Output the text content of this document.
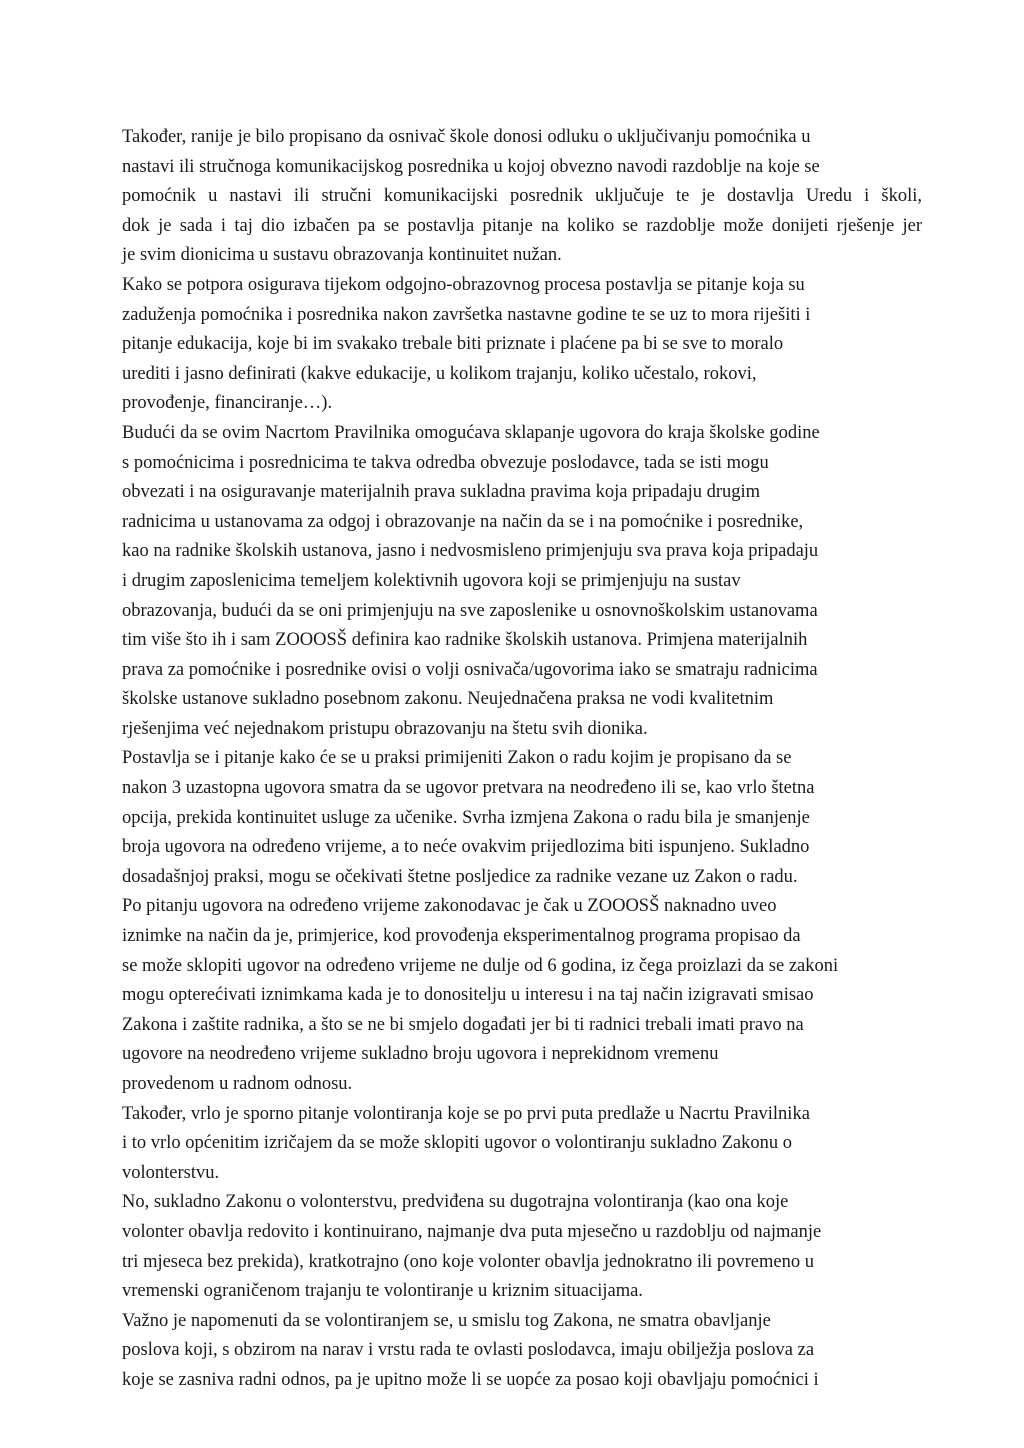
Također, ranije je bilo propisano da osnivač škole donosi odluku o uključivanju pomoćnika u
nastavi ili stručnoga komunikacijskog posrednika u kojoj obvezno navodi razdoblje na koje se
pomoćnik u nastavi ili stručni komunikacijski posrednik uključuje te je dostavlja Uredu i školi,
dok je sada i taj dio izbačen pa se postavlja pitanje na koliko se razdoblje može donijeti rješenje jer
je svim dionicima u sustavu obrazovanja kontinuitet nužan.
Kako se potpora osigurava tijekom odgojno-obrazovnog procesa postavlja se pitanje koja su
zaduženja pomoćnika i posrednika nakon završetka nastavne godine te se uz to mora riješiti i
pitanje edukacija, koje bi im svakako trebale biti priznate i plaćene pa bi se sve to moralo
urediti i jasno definirati (kakve edukacije, u kolikom trajanju, koliko učestalo, rokovi,
provođenje, financiranje…).
Budući da se ovim Nacrtom Pravilnika omogućava sklapanje ugovora do kraja školske godine
s pomoćnicima i posrednicima te takva odredba obvezuje poslodavce, tada se isti mogu
obvezati i na osiguravanje materijalnih prava sukladna pravima koja pripadaju drugim
radnicima u ustanovama za odgoj i obrazovanje na način da se i na pomoćnike i posrednike,
kao na radnike školskih ustanova, jasno i nedvosmisleno primjenjuju sva prava koja pripadaju
i drugim zaposlenicima temeljem kolektivnih ugovora koji se primjenjuju na sustav
obrazovanja, budući da se oni primjenjuju na sve zaposlenike u osnovnoškolskim ustanovama
tim više što ih i sam ZOOOSŠ definira kao radnike školskih ustanova. Primjena materijalnih
prava za pomoćnike i posrednike ovisi o volji osnivača/ugovorima iako se smatraju radnicima
školske ustanove sukladno posebnom zakonu. Neujednačena praksa ne vodi kvalitetnim
rješenjima već nejednakom pristupu obrazovanju na štetu svih dionika.
Postavlja se i pitanje kako će se u praksi primijeniti Zakon o radu kojim je propisano da se
nakon 3 uzastopna ugovora smatra da se ugovor pretvara na neodređeno ili se, kao vrlo štetna
opcija, prekida kontinuitet usluge za učenike. Svrha izmjena Zakona o radu bila je smanjenje
broja ugovora na određeno vrijeme, a to neće ovakvim prijedlozima biti ispunjeno. Sukladno
dosadašnjoj praksi, mogu se očekivati štetne posljedice za radnike vezane uz Zakon o radu.
Po pitanju ugovora na određeno vrijeme zakonodavac je čak u ZOOOSŠ naknadno uveo
iznimke na način da je, primjerice, kod provođenja eksperimentalnog programa propisao da
se može sklopiti ugovor na određeno vrijeme ne dulje od 6 godina, iz čega proizlazi da se zakoni
mogu opterećivati iznimkama kada je to donositelju u interesu i na taj način izigravati smisao
Zakona i zaštite radnika, a što se ne bi smjelo događati jer bi ti radnici trebali imati pravo na
ugovore na neodređeno vrijeme sukladno broju ugovora i neprekidnom vremenu
provedenom u radnom odnosu.
Također, vrlo je sporno pitanje volontiranja koje se po prvi puta predlaže u Nacrtu Pravilnika
i to vrlo općenitim izričajem da se može sklopiti ugovor o volontiranju sukladno Zakonu o
volonterstvu.
No, sukladno Zakonu o volonterstvu, predviđena su dugotrajna volontiranja (kao ona koje
volonter obavlja redovito i kontinuirano, najmanje dva puta mjesečno u razdoblju od najmanje
tri mjeseca bez prekida), kratkotrajno (ono koje volonter obavlja jednokratno ili povremeno u
vremenski ograničenom trajanju te volontiranje u kriznim situacijama.
Važno je napomenuti da se volontiranjem se, u smislu tog Zakona, ne smatra obavljanje
poslova koji, s obzirom na narav i vrstu rada te ovlasti poslodavca, imaju obilježja poslova za
koje se zasniva radni odnos, pa je upitno može li se uopće za posao koji obavljaju pomoćnici i
